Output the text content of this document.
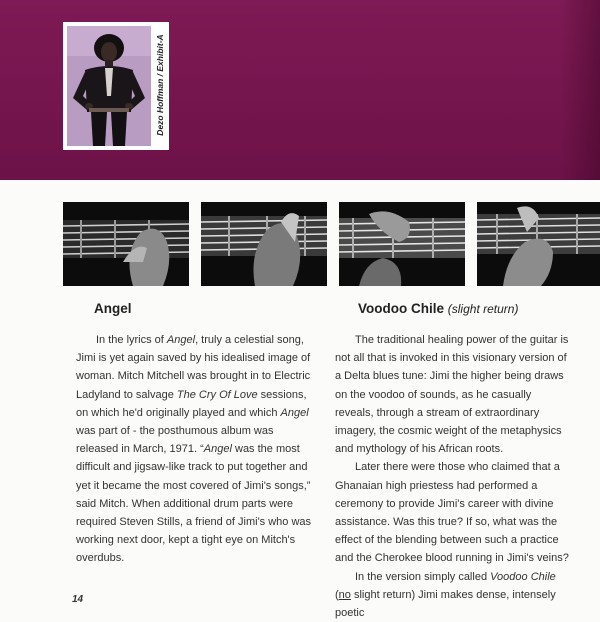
Dezo Hoffman / Exhibit-A
Angel	Voodoo Chile (slight return)

In the lyrics of Angel, truly a celestial song, Jimi is yet again saved by his idealised image of woman. Mitch Mitchell was brought in to Electric Ladyland to salvage The Cry Of Love sessions, on which he'd originally played and which Angel was part of - the posthumous album was released in March, 1971. “Angel was the most difficult and jigsaw-like track to put together and yet it became the most covered of Jimi's songs,” said Mitch. When additional drum parts were required Steven Stills, a friend of Jimi's who was working next door, kept a tight eye on Mitch's overdubs.

The traditional healing power of the guitar is not all that is invoked in this visionary version of a Delta blues tune: Jimi the higher being draws on the voodoo of sounds, as he casually reveals, through a stream of extraordinary imagery, the cosmic weight of the metaphysics and mythology of his African roots.

Later there were those who claimed that a Ghanaian high priestess had performed a ceremony to provide Jimi's career with divine assistance. Was this true? If so, what was the effect of the blending between such a practice and the Cherokee blood running in Jimi's veins?

In the version simply called Voodoo Chile (no slight return) Jimi makes dense, intensely poetic

14
